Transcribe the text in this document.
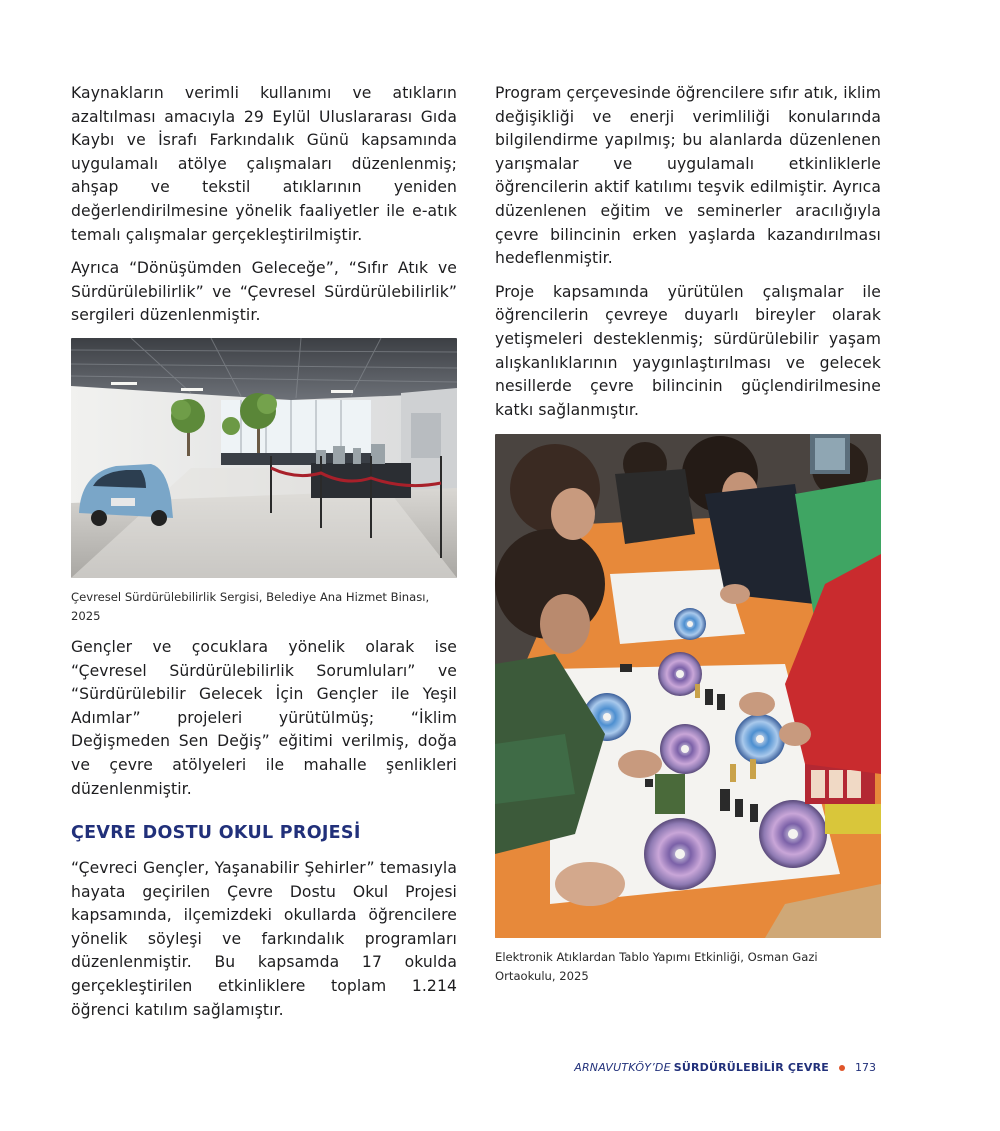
Kaynakların verimli kullanımı ve atıkların azaltılması amacıyla 29 Eylül Uluslararası Gıda Kaybı ve İsrafı Farkındalık Günü kapsamında uygulamalı atölye çalışmaları düzenlenmiş; ahşap ve tekstil atıklarının yeniden değerlendirilmesine yönelik faaliyetler ile e-atık temalı çalışmalar gerçekleştirilmiştir.

Ayrıca “Dönüşümden Geleceğe”, “Sıfır Atık ve Sürdürülebilirlik” ve “Çevresel Sürdürülebilirlik” sergileri düzenlenmiştir.

Çevresel Sürdürülebilirlik Sergisi, Belediye Ana Hizmet Binası, 2025

Gençler ve çocuklara yönelik olarak ise “Çevresel Sürdürülebilirlik Sorumluları” ve “Sürdürülebilir Gelecek İçin Gençler ile Yeşil Adımlar” projeleri yürütülmüş; “İklim Değişmeden Sen Değiş” eğitimi verilmiş, doğa ve çevre atölyeleri ile mahalle şenlikleri düzenlenmiştir.

ÇEVRE DOSTU OKUL PROJESİ

“Çevreci Gençler, Yaşanabilir Şehirler” temasıyla hayata geçirilen Çevre Dostu Okul Projesi kapsamında, ilçemizdeki okullarda öğrencilere yönelik söyleşi ve farkındalık programları düzenlenmiştir. Bu kapsamda 17 okulda gerçekleştirilen etkinliklere toplam 1.214 öğrenci katılım sağlamıştır.

Program çerçevesinde öğrencilere sıfır atık, iklim değişikliği ve enerji verimliliği konularında bilgilendirme yapılmış; bu alanlarda düzenlenen yarışmalar ve uygulamalı etkinliklerle öğrencilerin aktif katılımı teşvik edilmiştir. Ayrıca düzenlenen eğitim ve seminerler aracılığıyla çevre bilincinin erken yaşlarda kazandırılması hedeflenmiştir.

Proje kapsamında yürütülen çalışmalar ile öğrencilerin çevreye duyarlı bireyler olarak yetişmeleri desteklenmiş; sürdürülebilir yaşam alışkanlıklarının yaygınlaştırılması ve gelecek nesillerde çevre bilincinin güçlendirilmesine katkı sağlanmıştır.

Elektronik Atıklardan Tablo Yapımı Etkinliği, Osman Gazi Ortaokulu, 2025

ARNAVUTKÖY’DE SÜRDÜRÜLEBİLİR ÇEVRE 173
